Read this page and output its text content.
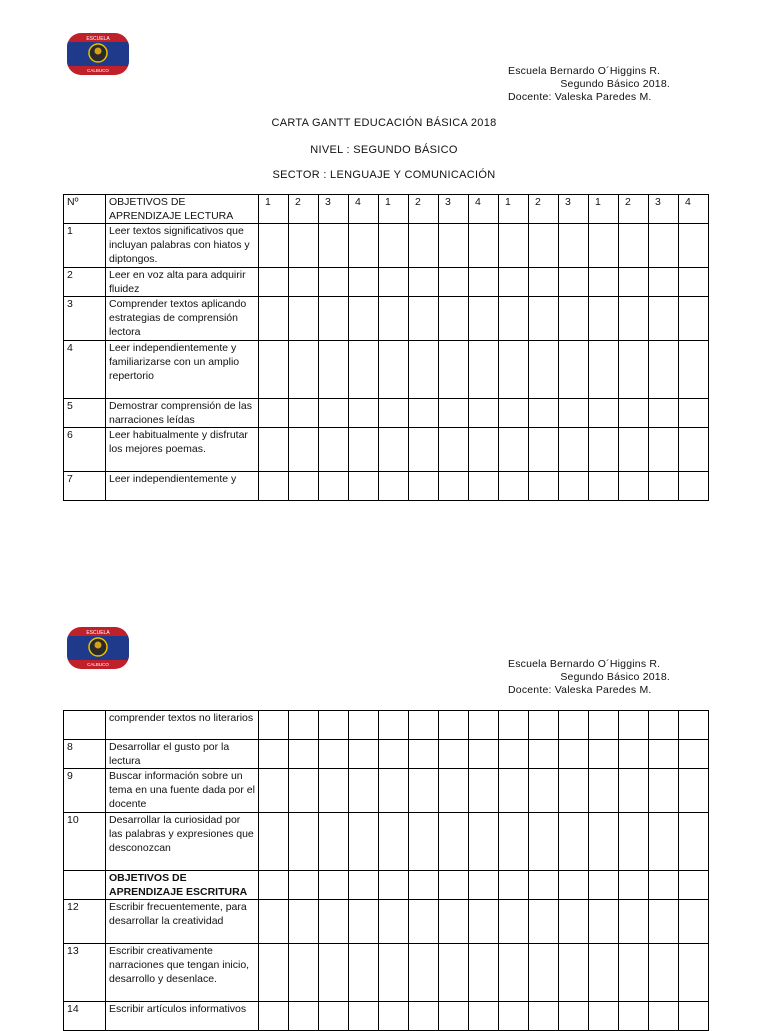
ESCUELA
CALBUCO	Escuela Bernardo O´Higgins R.
Segundo Básico 2018.
Docente: Valeska Paredes M.
CARTA GANTT EDUCACIÓN BÁSICA 2018
NIVEL : SEGUNDO BÁSICO
SECTOR : LENGUAJE Y COMUNICACIÓN
Nº	OBJETIVOS DE APRENDIZAJE LECTURA	1	2	3	4	1	2	3	4	1	2	3	1	2	3	4
1	Leer textos significativos que incluyan palabras con hiatos y diptongos.															
2	Leer en voz alta para adquirir fluidez															
3	Comprender textos aplicando estrategias de comprensión lectora															
4	Leer independientemente y familiarizarse con un amplio repertorio															
5	Demostrar comprensión de las narraciones leídas															
6	Leer habitualmente y disfrutar los mejores poemas.															
7	Leer independientemente y															
ESCUELA
CALBUCO	Escuela Bernardo O´Higgins R.
Segundo Básico 2018.
Docente: Valeska Paredes M.
	comprender textos no literarios															
8	Desarrollar el gusto por la lectura															
9	Buscar información sobre un tema en una fuente dada por el docente															
10	Desarrollar la curiosidad por las palabras y expresiones que desconozcan															
	OBJETIVOS DE APRENDIZAJE ESCRITURA															
12	Escribir frecuentemente, para desarrollar la creatividad															
13	Escribir creativamente narraciones que tengan inicio, desarrollo y desenlace.															
14	Escribir artículos informativos															
